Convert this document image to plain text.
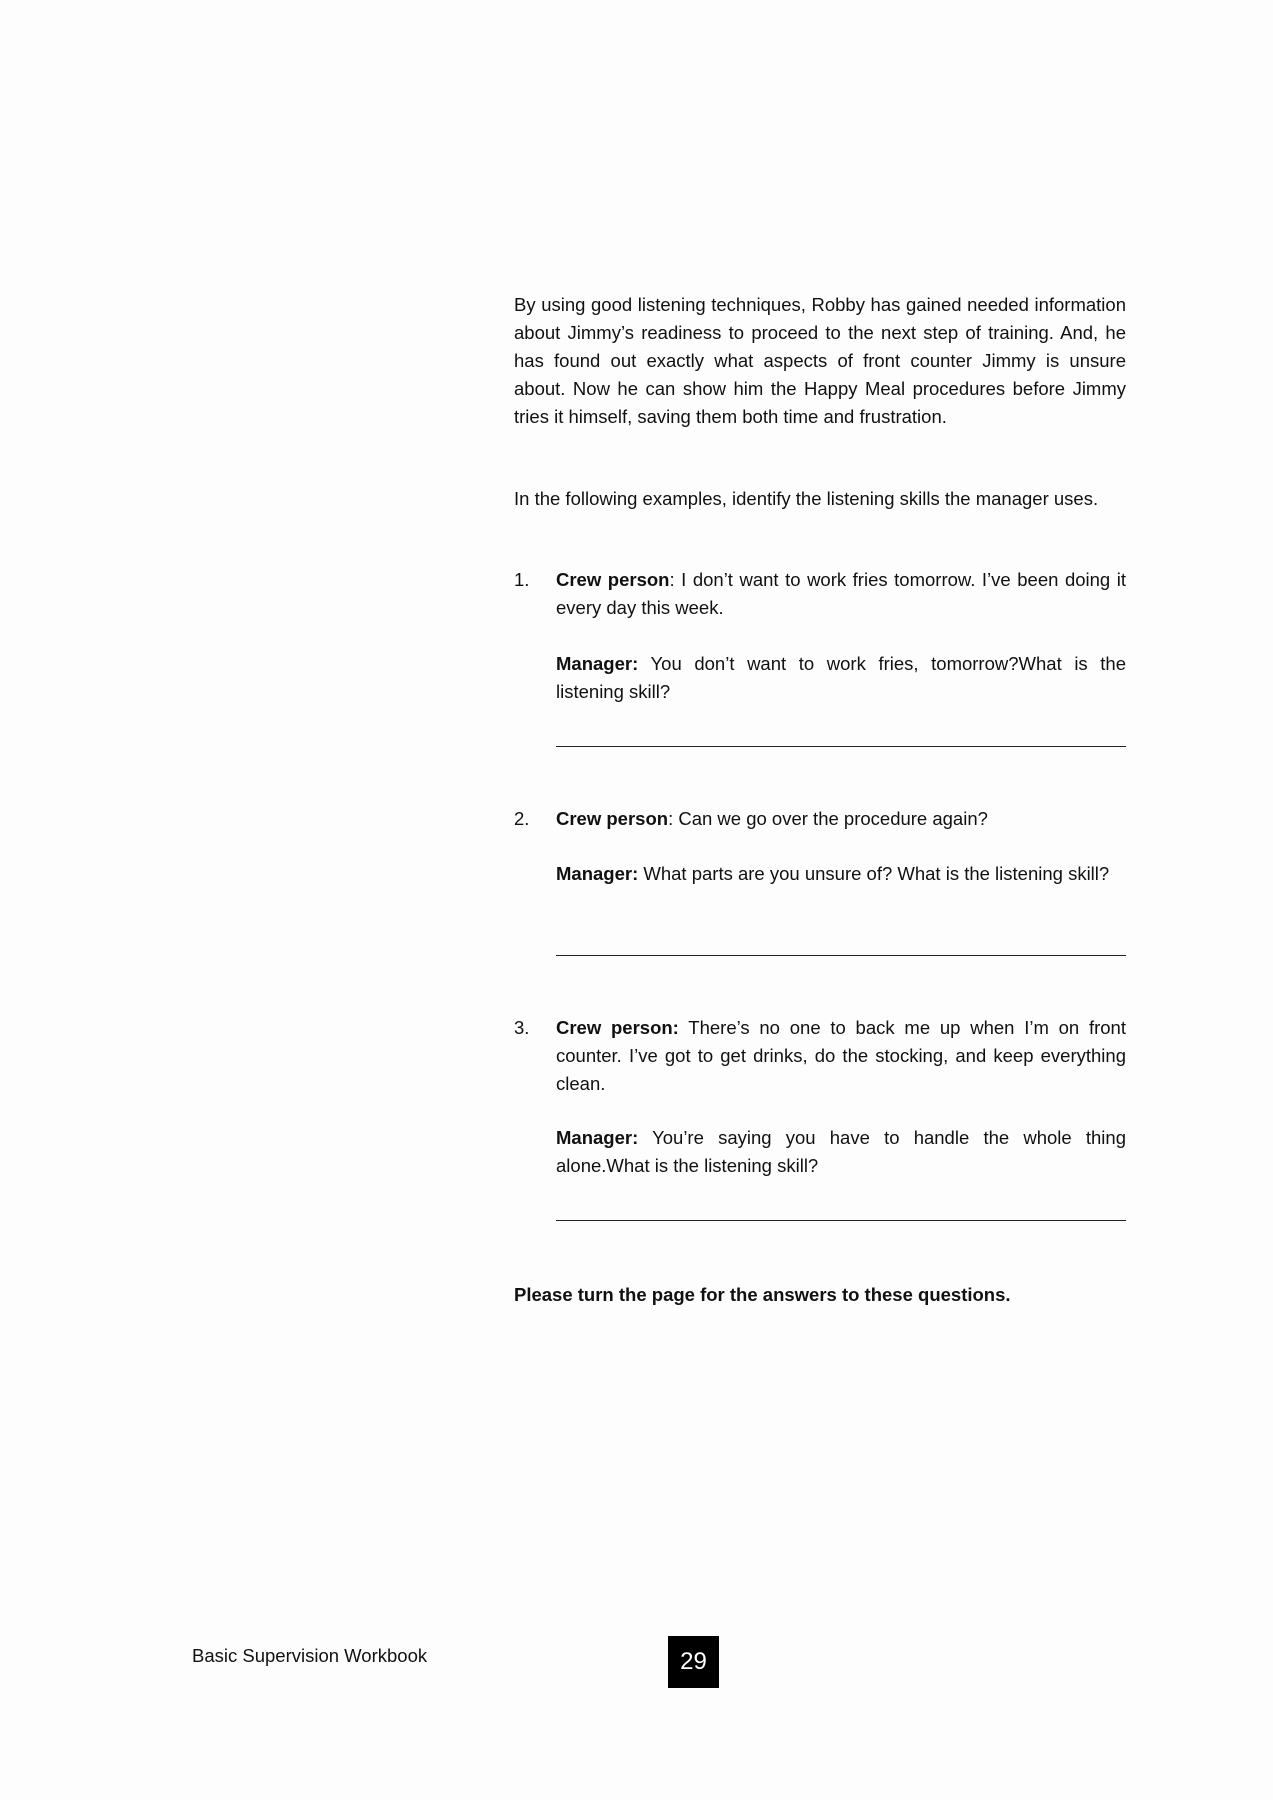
By using good listening techniques, Robby has gained needed information about Jimmy’s readiness to proceed to the next step of training. And, he has found out exactly what aspects of front counter Jimmy is unsure about. Now he can show him the Happy Meal procedures before Jimmy tries it himself, saving them both time and frustration.
In the following examples, identify the listening skills the manager uses.
1. Crew person: I don’t want to work fries tomorrow. I’ve been doing it every day this week.
Manager: You don’t want to work fries, tomorrow?What is the listening skill?
2. Crew person: Can we go over the procedure again?
Manager: What parts are you unsure of? What is the listening skill?
3. Crew person: There’s no one to back me up when I’m on front counter. I’ve got to get drinks, do the stocking, and keep everything clean.
Manager: You’re saying you have to handle the whole thing alone.What is the listening skill?
Please turn the page for the answers to these questions.
Basic Supervision Workbook	29
